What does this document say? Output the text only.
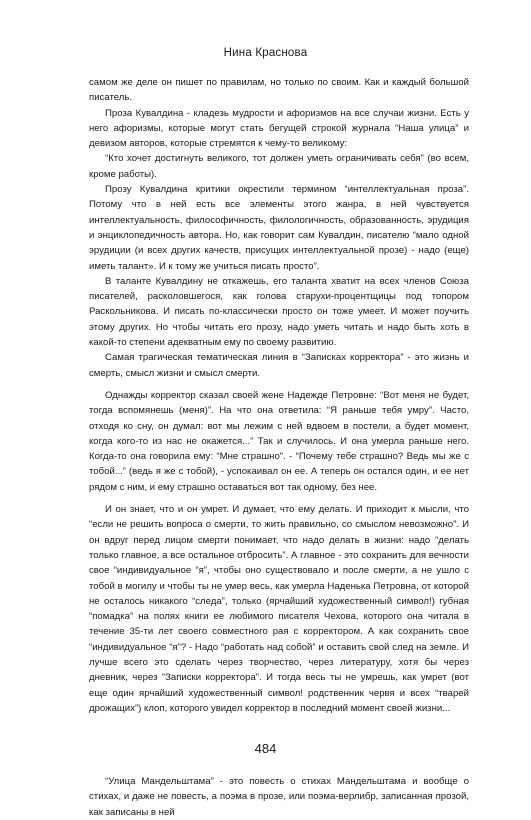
Нина Краснова

самом же деле он пишет по правилам, но только по своим. Как и каждый большой писатель.

Проза Кувалдина - кладезь мудрости и афоризмов на все случаи жизни. Есть у него афоризмы, которые могут стать бегущей строкой журнала “Наша улица” и девизом авторов, которые стремятся к чему-то великому:

“Кто хочет достигнуть великого, тот должен уметь ограничивать себя” (во всем, кроме работы).

Прозу Кувалдина критики окрестили термином “интеллектуальная проза”. Потому что в ней есть все элементы этого жанра, в ней чувствуется интеллектуальность, философичность, филологичность, образованность, эрудиция и энциклопедичность автора. Но, как говорит сам Кувалдин, писателю “мало одной эрудиции (и всех других качеств, присущих интеллектуальной прозе) - надо (еще) иметь талант». И к тому же учиться писать просто”.

В таланте Кувалдину не откажешь, его таланта хватит на всех членов Союза писателей, расколовшегося, как голова старухи-процентщицы под топором Раскольникова. И писать по-классически просто он тоже умеет. И может поучить этому других. Но чтобы читать его прозу, надо уметь читать и надо быть хоть в какой-то степени адекватным ему по своему развитию.

Самая трагическая тематическая линия в “Записках корректора” - это жизнь и смерть, смысл жизни и смысл смерти.

Однажды корректор сказал своей жене Надежде Петровне: “Вот меня не будет, тогда вспомянешь (меня)”. На что она ответила: “Я раньше тебя умру”. Часто, отходя ко сну, он думал: вот мы лежим с ней вдвоем в постели, а будет момент, когда кого-то из нас не окажется...” Так и случилось. И она умерла раньше него. Когда-то она говорила ему: “Мне страшно”. - “Почему тебе страшно? Ведь мы же с тобой...” (ведь я же с тобой), - успокаивал он ее. А теперь он остался один, и ее нет рядом с ним, и ему страшно оставаться вот так одному, без нее.

И он знает, что и он умрет. И думает, что ему делать. И приходит к мысли, что “если не решить вопроса о смерти, то жить правильно, со смыслом невозможно”. И он вдруг перед лицом смерти понимает, что надо делать в жизни: надо “делать только главное, а все остальное отбросить”. А главное - это сохранить для вечности свое “индивидуальное “я”, чтобы оно существовало и после смерти, а не ушло с тобой в могилу и чтобы ты не умер весь, как умерла Наденька Петровна, от которой не осталось никакого “следа”, только (ярчайший художественный символ!) губная “помадка” на полях книги ее любимого писателя Чехова, которого она читала в течение 35-ти лет своего совместного рая с корректором. А как сохранить свое “индивидуальное “я”? - Надо “работать над собой” и оставить свой след на земле. И лучше всего это сделать через творчество, через литературу, хотя бы через дневник, через “Записки корректора”. И тогда весь ты не умрешь, как умрет (вот еще один ярчайший художественный символ! родственник червя и всех “тварей дрожащих”) клоп, которого увидел корректор в последний момент своей жизни...

“Улица Мандельштама” - это повесть о стихах Мандельштама и вообще о стихах, и даже не повесть, а поэма в прозе, или поэма-верлибр, записанная прозой, как записаны в ней

484
